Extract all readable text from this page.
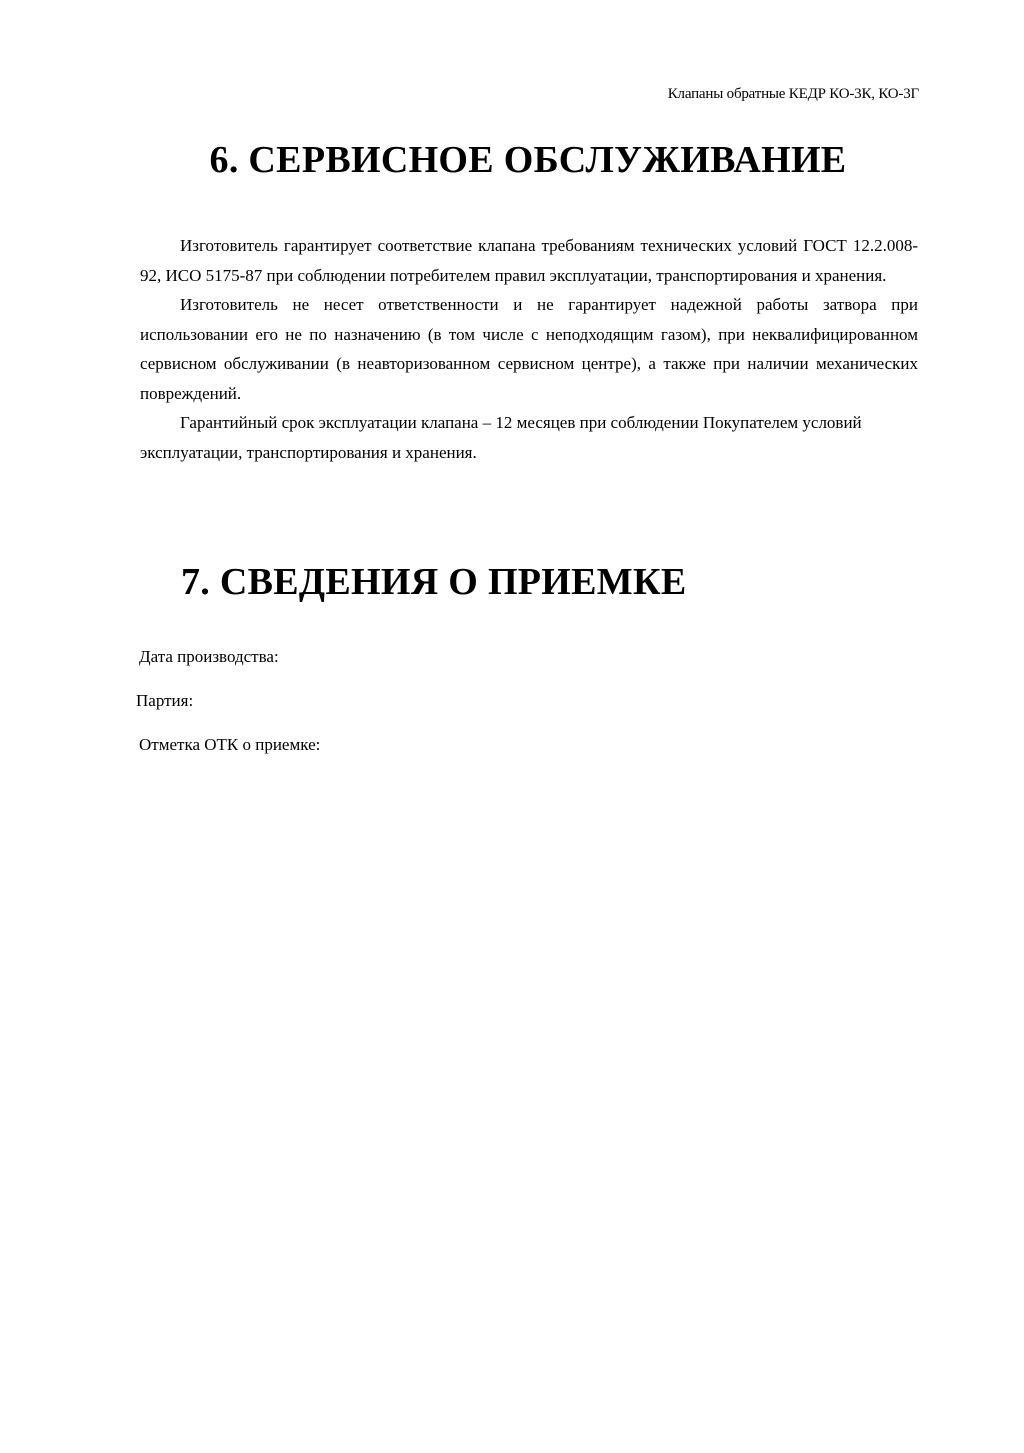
Клапаны обратные КЕДР КО-3К, КО-3Г
6. СЕРВИСНОЕ ОБСЛУЖИВАНИЕ

Изготовитель гарантирует соответствие клапана требованиям технических условий ГОСТ 12.2.008-92, ИСО 5175-87 при соблюдении потребителем правил эксплуатации, транспортирования и хранения.

Изготовитель не несет ответственности и не гарантирует надежной работы затвора при использовании его не по назначению (в том числе с неподходящим газом), при неквалифицированном сервисном обслуживании (в неавторизованном сервисном центре), а также при наличии механических повреждений.

Гарантийный срок эксплуатации клапана – 12 месяцев при соблюдении Покупателем условий эксплуатации, транспортирования и хранения.

7. СВЕДЕНИЯ О ПРИЕМКЕ
Дата производства:
Партия:
Отметка ОТК о приемке:
